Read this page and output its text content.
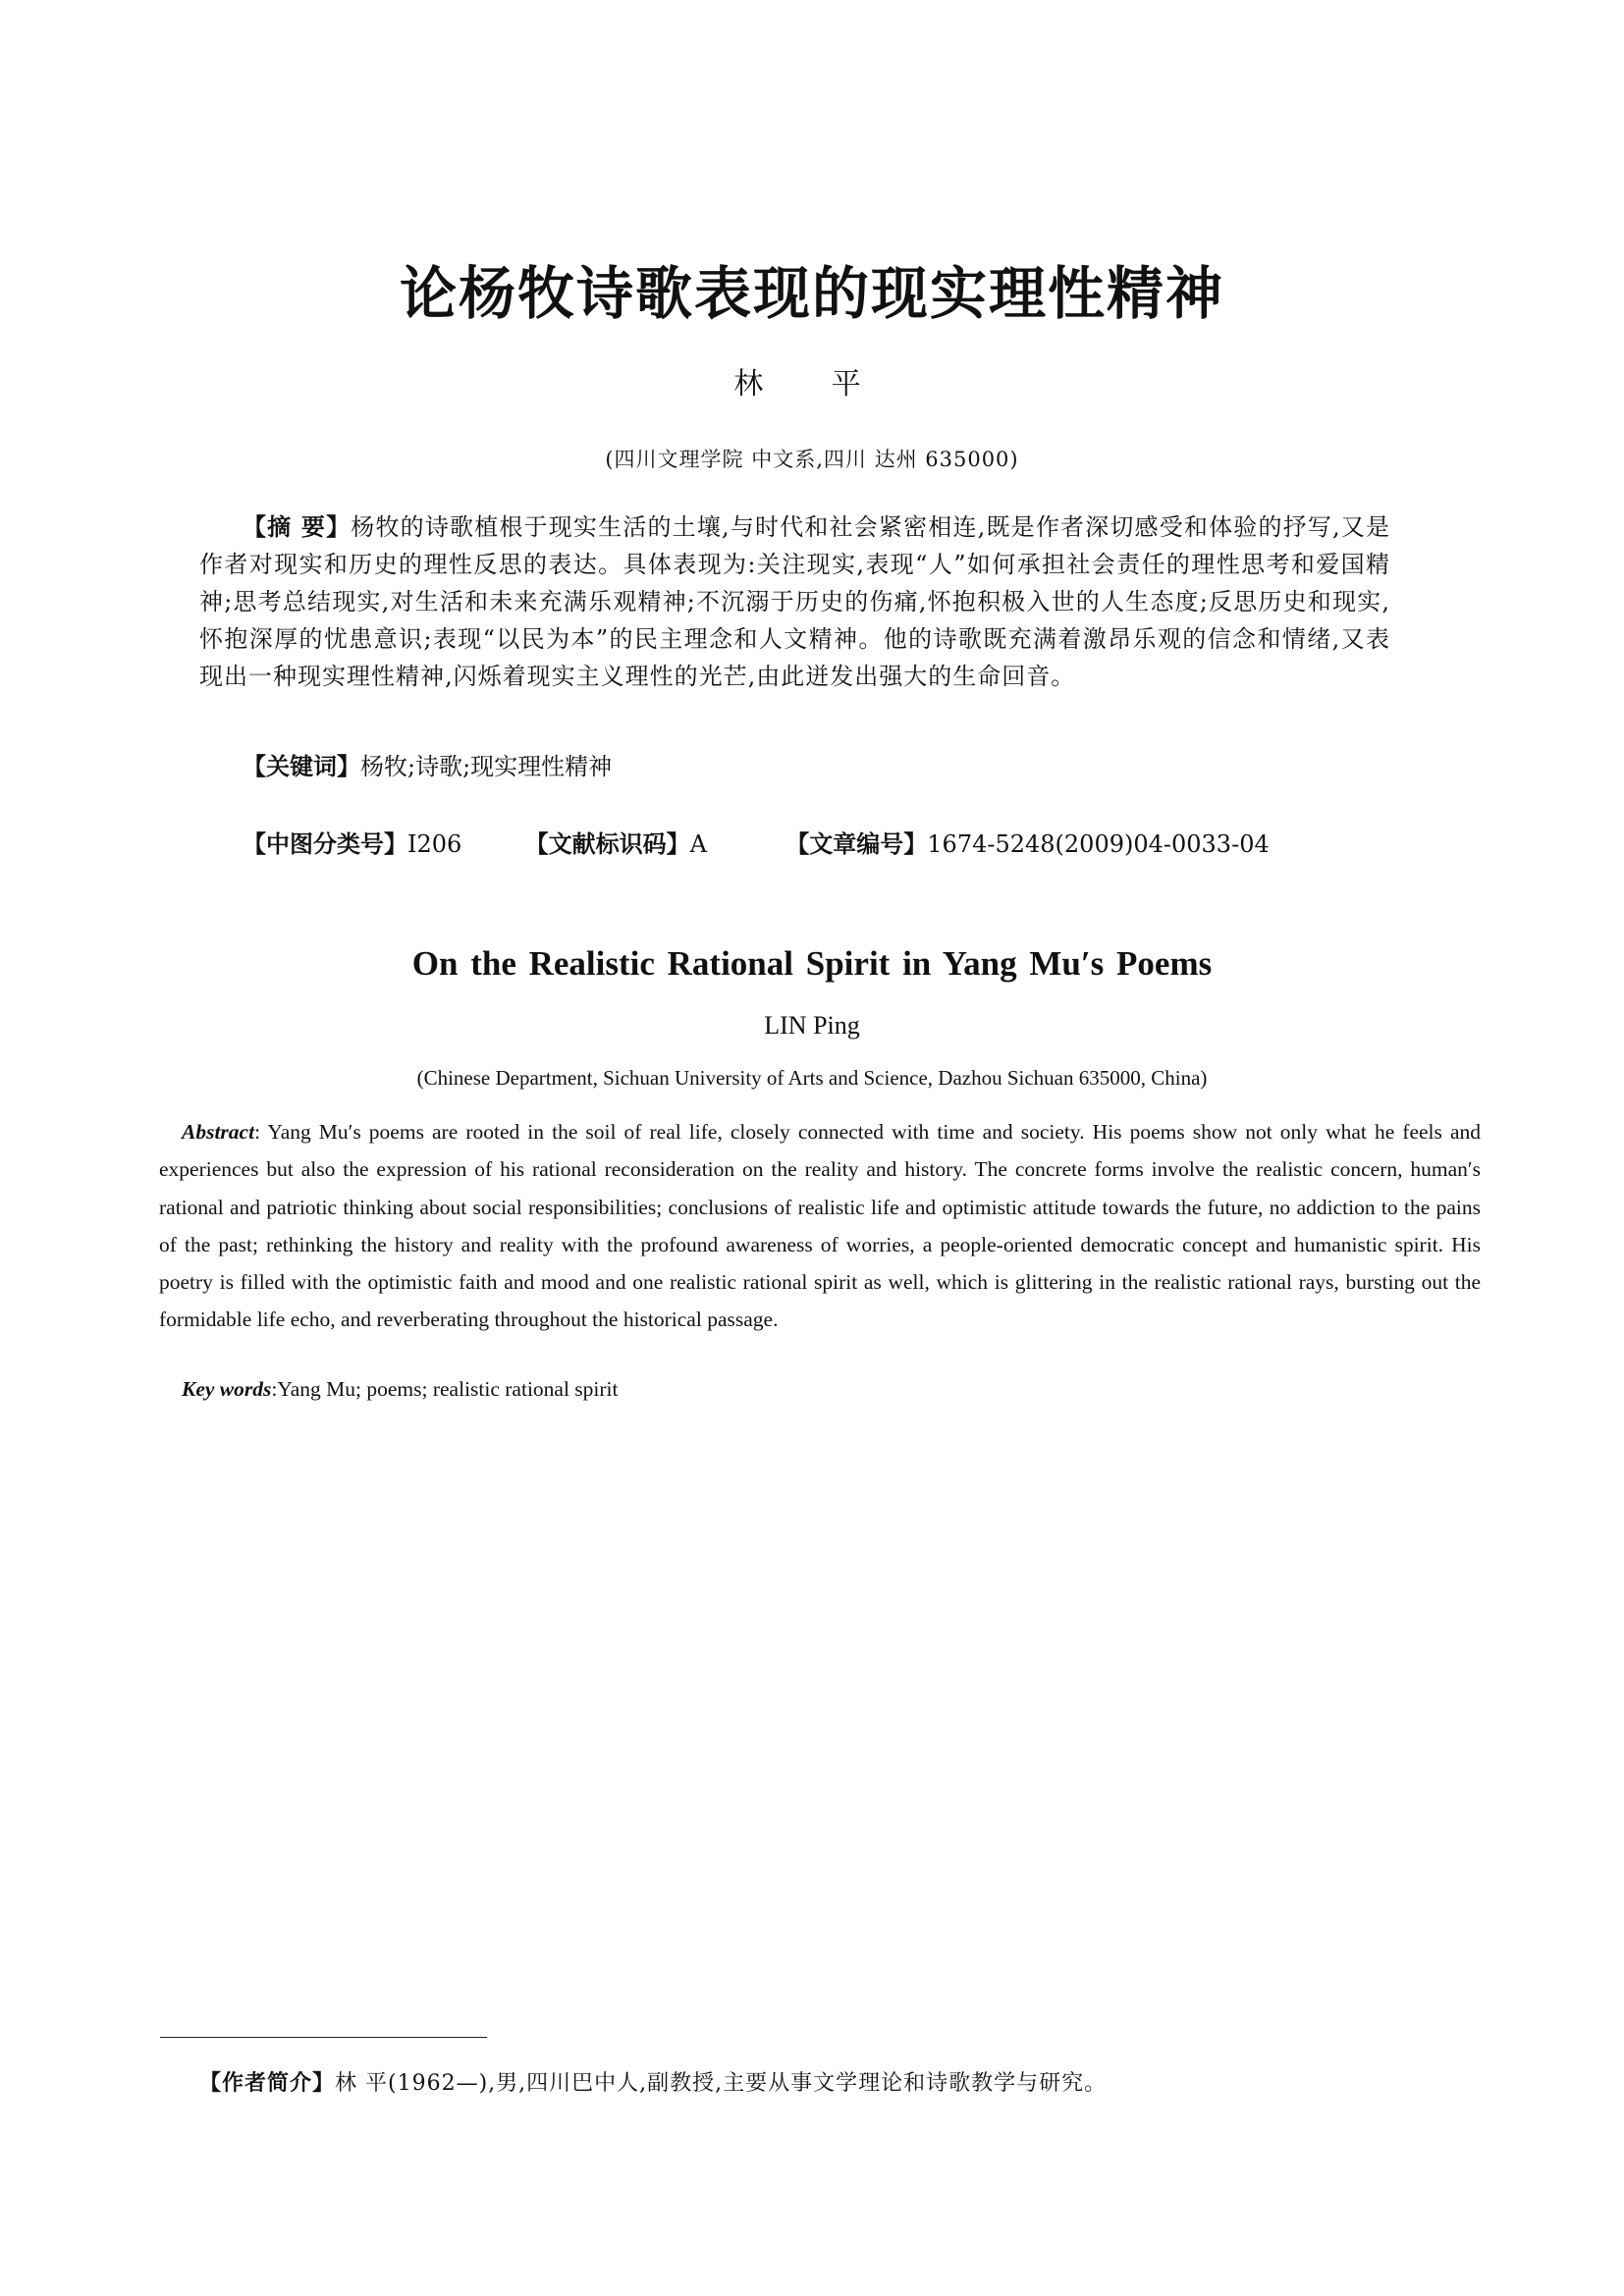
论杨牧诗歌表现的现实理性精神
林 平
(四川文理学院 中文系,四川 达州 635000)
【摘 要】杨牧的诗歌植根于现实生活的土壤,与时代和社会紧密相连,既是作者深切感受和体验的抒写,又是作者对现实和历史的理性反思的表达。具体表现为:关注现实,表现“人”如何承担社会责任的理性思考和爱国精神;思考总结现实,对生活和未来充满乐观精神;不沉溺于历史的伤痛,怀抱积极入世的人生态度;反思历史和现实,怀抱深厚的忧患意识;表现“以民为本”的民主理念和人文精神。他的诗歌既充满着激昂乐观的信念和情绪,又表现出一种现实理性精神,闪烁着现实主义理性的光芒,由此迸发出强大的生命回音。
【关键词】杨牧;诗歌;现实理性精神
【中图分类号】I206	【文献标识码】A	【文章编号】1674-5248(2009)04-0033-04
On the Realistic Rational Spirit in Yang Mu′s Poems
LIN Ping
(Chinese Department, Sichuan University of Arts and Science, Dazhou Sichuan 635000, China)
Abstract: Yang Mu′s poems are rooted in the soil of real life, closely connected with time and society. His poems show not only what he feels and experiences but also the expression of his rational reconsideration on the reality and history. The concrete forms involve the realistic concern, human′s rational and patriotic thinking about social responsibilities; conclusions of realistic life and optimistic attitude towards the future, no addiction to the pains of the past; rethinking the history and reality with the profound awareness of worries, a people-oriented democratic concept and humanistic spirit. His poetry is filled with the optimistic faith and mood and one realistic rational spirit as well, which is glittering in the realistic rational rays, bursting out the formidable life echo, and reverberating throughout the historical passage.
Key words:Yang Mu; poems; realistic rational spirit
【作者简介】林 平(1962—),男,四川巴中人,副教授,主要从事文学理论和诗歌教学与研究。
